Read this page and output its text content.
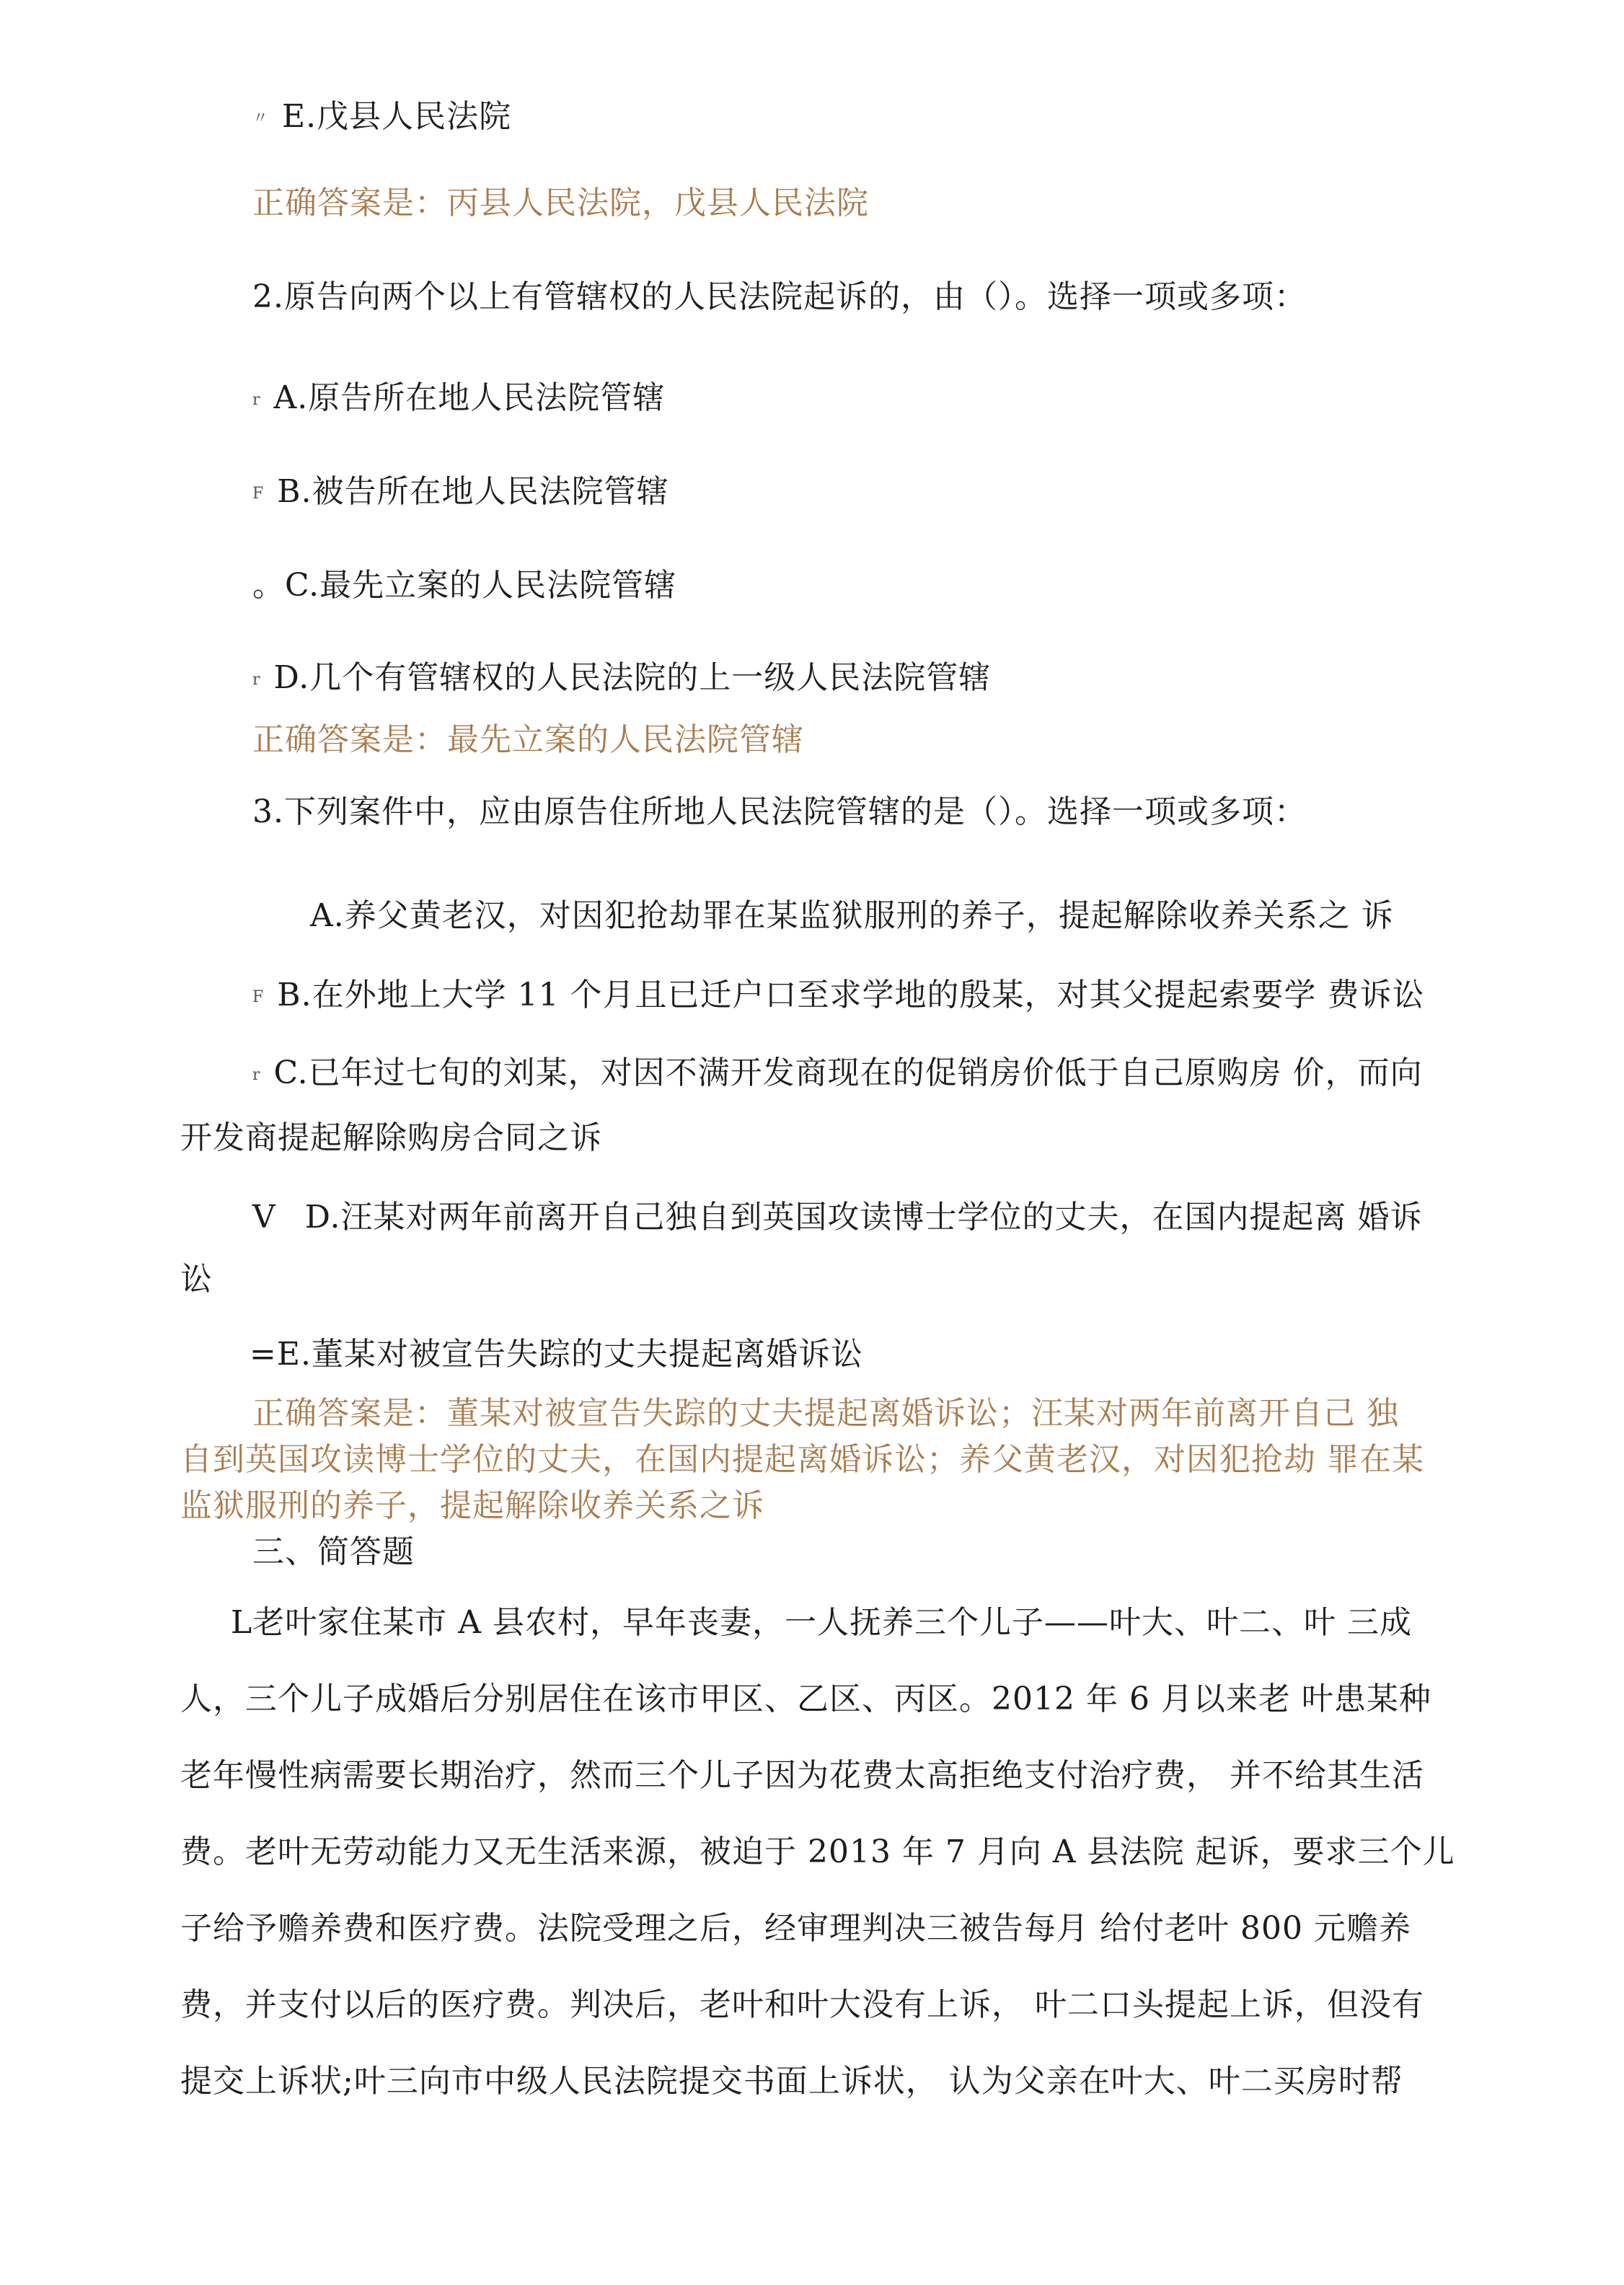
〃 E.戊县人民法院
正确答案是：丙县人民法院，戊县人民法院
2.原告向两个以上有管辖权的人民法院起诉的，由（）。选择一项或多项：
r A.原告所在地人民法院管辖
F B.被告所在地人民法院管辖
。C.最先立案的人民法院管辖
r D.几个有管辖权的人民法院的上一级人民法院管辖
正确答案是：最先立案的人民法院管辖
3.下列案件中，应由原告住所地人民法院管辖的是（）。选择一项或多项：
A.养父黄老汉，对因犯抢劫罪在某监狱服刑的养子，提起解除收养关系之 诉
F B.在外地上大学 11 个月且已迁户口至求学地的殷某，对其父提起索要学 费诉讼
r C.已年过七旬的刘某，对因不满开发商现在的促销房价低于自己原购房 价，而向
开发商提起解除购房合同之诉
V D.汪某对两年前离开自己独自到英国攻读博士学位的丈夫，在国内提起离 婚诉
讼
=E.董某对被宣告失踪的丈夫提起离婚诉讼
正确答案是：董某对被宣告失踪的丈夫提起离婚诉讼；汪某对两年前离开自己 独
自到英国攻读博士学位的丈夫，在国内提起离婚诉讼；养父黄老汉，对因犯抢劫 罪在某
监狱服刑的养子，提起解除收养关系之诉
三、简答题
L老叶家住某市 A 县农村，早年丧妻，一人抚养三个儿子——叶大、叶二、叶 三成
人，三个儿子成婚后分别居住在该市甲区、乙区、丙区。2012 年 6 月以来老 叶患某种
老年慢性病需要长期治疗，然而三个儿子因为花费太高拒绝支付治疗费， 并不给其生活
费。老叶无劳动能力又无生活来源，被迫于 2013 年 7 月向 A 县法院 起诉，要求三个儿
子给予赡养费和医疗费。法院受理之后，经审理判决三被告每月 给付老叶 800 元赡养
费，并支付以后的医疗费。判决后，老叶和叶大没有上诉， 叶二口头提起上诉，但没有
提交上诉状;叶三向市中级人民法院提交书面上诉状， 认为父亲在叶大、叶二买房时帮
